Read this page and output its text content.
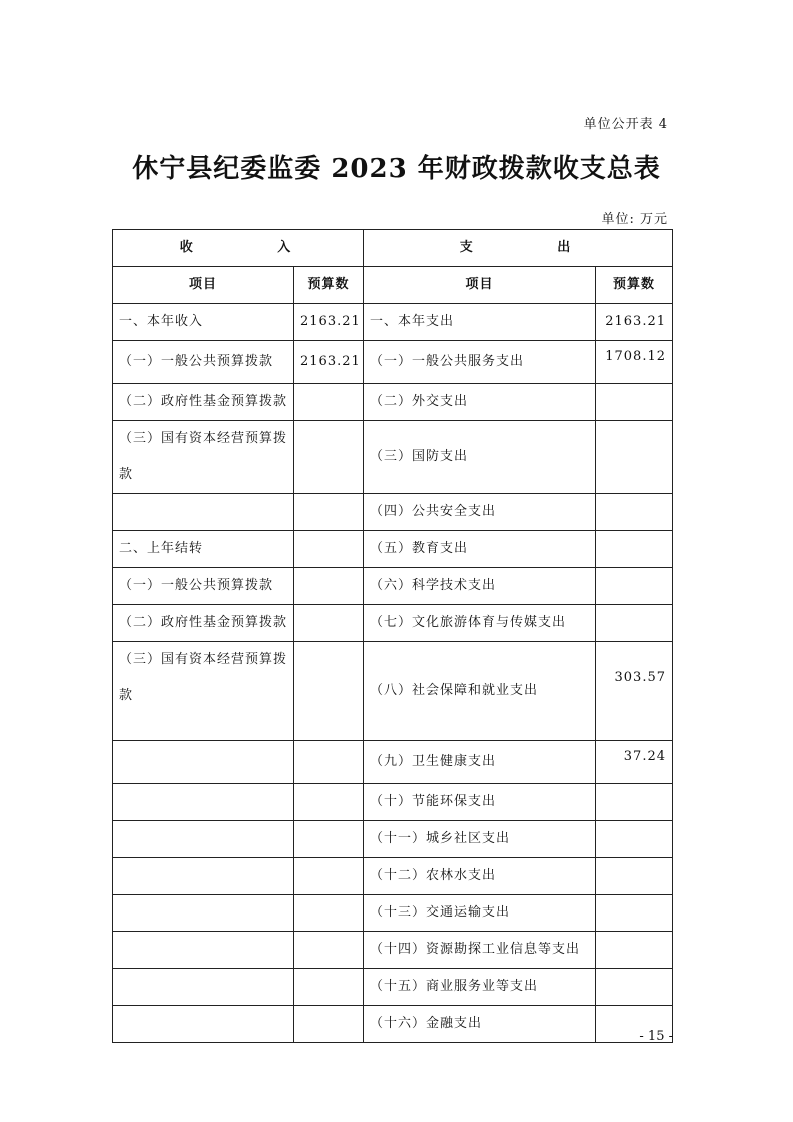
单位公开表 4
休宁县纪委监委 2023 年财政拨款收支总表
单位: 万元
收 入		支 出	
项目	预算数	项目	预算数
一、本年收入	2163.21	一、本年支出	2163.21
（一）一般公共预算拨款	2163.21	（一）一般公共服务支出	1708.12
（二）政府性基金预算拨款		（二）外交支出	
（三）国有资本经营预算拨款		（三）国防支出	
		（四）公共安全支出	
二、上年结转		（五）教育支出	
（一）一般公共预算拨款		（六）科学技术支出	
（二）政府性基金预算拨款		（七）文化旅游体育与传媒支出	
（三）国有资本经营预算拨款		（八）社会保障和就业支出	303.57
		（九）卫生健康支出	37.24
		（十）节能环保支出	
		（十一）城乡社区支出	
		（十二）农林水支出	
		（十三）交通运输支出	
		（十四）资源勘探工业信息等支出	
		（十五）商业服务业等支出	
		（十六）金融支出	
- 15 -
